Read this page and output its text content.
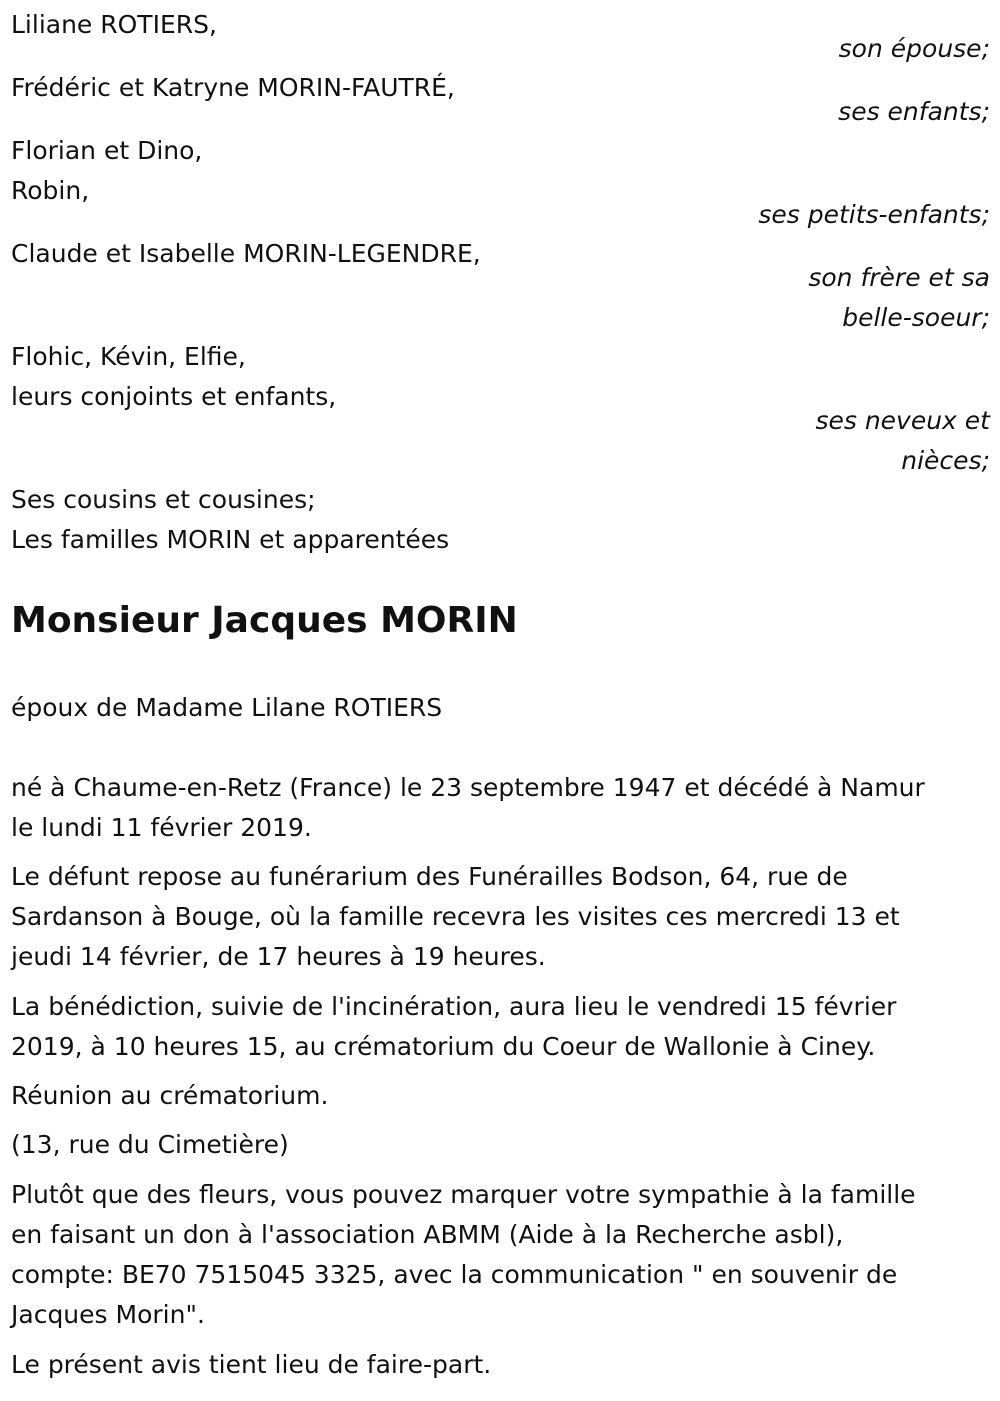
Liliane ROTIERS,

son épouse;

Frédéric et Katryne MORIN-FAUTRÉ,

ses enfants;

Florian et Dino,

Robin,

ses petits-enfants;

Claude et Isabelle MORIN-LEGENDRE,

son frère et sa

belle-soeur;

Flohic, Kévin, Elfie,

leurs conjoints et enfants,

ses neveux et

nièces;

Ses cousins et cousines;

Les familles MORIN et apparentées

Monsieur Jacques MORIN

époux de Madame Lilane ROTIERS

né à Chaume-en-Retz (France) le 23 septembre 1947 et décédé à Namur

le lundi 11 février 2019.

Le défunt repose au funérarium des Funérailles Bodson, 64, rue de

Sardanson à Bouge, où la famille recevra les visites ces mercredi 13 et

jeudi 14 février, de 17 heures à 19 heures.

La bénédiction, suivie de l'incinération, aura lieu le vendredi 15 février

2019, à 10 heures 15, au crématorium du Coeur de Wallonie à Ciney.

Réunion au crématorium.

(13, rue du Cimetière)

Plutôt que des fleurs, vous pouvez marquer votre sympathie à la famille

en faisant un don à l'association ABMM (Aide à la Recherche asbl),

compte: BE70 7515045 3325, avec la communication " en souvenir de

Jacques Morin".

Le présent avis tient lieu de faire-part.
